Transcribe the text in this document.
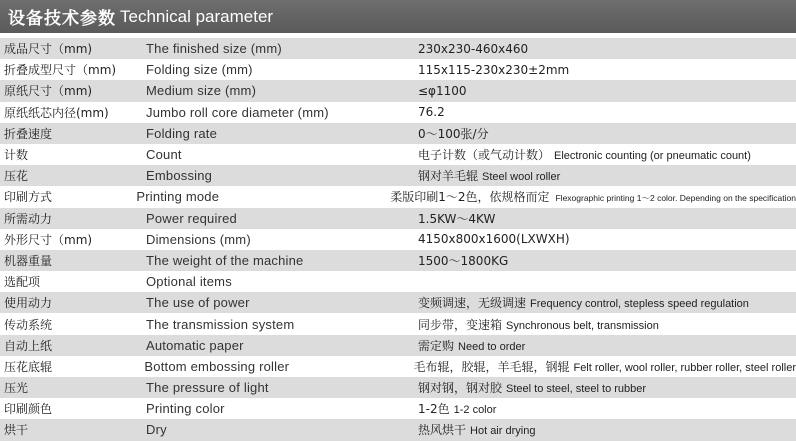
设备技术参数 Technical parameter
成品尺寸（mm)	The finished size (mm)	230x230-460x460
折叠成型尺寸（mm)	Folding size (mm)	115x115-230x230±2mm
原纸尺寸（mm)	Medium size (mm)	≤φ1100
原纸纸芯内径(mm)	Jumbo roll core diameter (mm)	76.2
折叠速度	Folding rate	0～100张/分
计数	Count	电子计数（或气动计数） Electronic counting (or pneumatic count)
压花	Embossing	钢对羊毛辊 Steel wool roller
印刷方式	Printing mode	柔版印刷1～2色，依规格而定 Flexographic printing 1～2 color. Depending on the specification
所需动力	Power required	1.5KW～4KW
外形尺寸（mm)	Dimensions (mm)	4150x800x1600(LXWXH)
机器重量	The weight of the machine	1500～1800KG
选配项	Optional items
使用动力	The use of power	变频调速，无级调速 Frequency control, stepless speed regulation
传动系统	The transmission system	同步带，变速箱 Synchronous belt, transmission
自动上纸	Automatic paper	需定购 Need to order
压花底辊	Bottom embossing roller	毛布辊，胶辊，羊毛辊，钢辊 Felt roller, wool roller, rubber roller, steel roller
压光	The pressure of light	钢对钢，钢对胶 Steel to steel, steel to rubber
印刷颜色	Printing color	1-2色 1-2 color
烘干	Dry	热风烘干 Hot air drying
